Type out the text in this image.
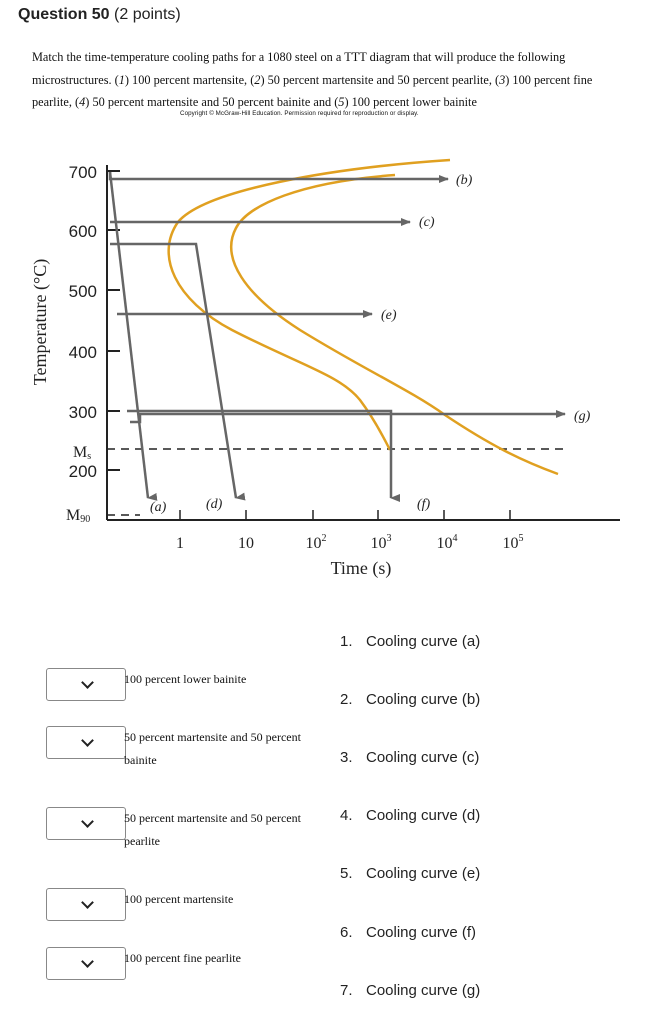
Question 50 (2 points)
Match the time-temperature cooling paths for a 1080 steel on a TTT diagram that will produce the following microstructures. (1) 100 percent martensite, (2) 50 percent martensite and 50 percent pearlite, (3) 100 percent fine pearlite, (4) 50 percent martensite and 50 percent bainite and (5) 100 percent lower bainite
Copyright © McGraw-Hill Education. Permission required for reproduction or display.
700
600
500
400
300
200
Ms
M90
Temperature (°C)
1	10	$10^2$	$10^3$	$10^4$	$10^5$
Time (s)
(a)
(b)
(c)
(d)
(e)
(f)
(g)
1. Cooling curve (a)
2. Cooling curve (b)
3. Cooling curve (c)
4. Cooling curve (d)
5. Cooling curve (e)
6. Cooling curve (f)
7. Cooling curve (g)
100 percent lower bainite
50 percent martensite and 50 percent bainite
50 percent martensite and 50 percent pearlite
100 percent martensite
100 percent fine pearlite
